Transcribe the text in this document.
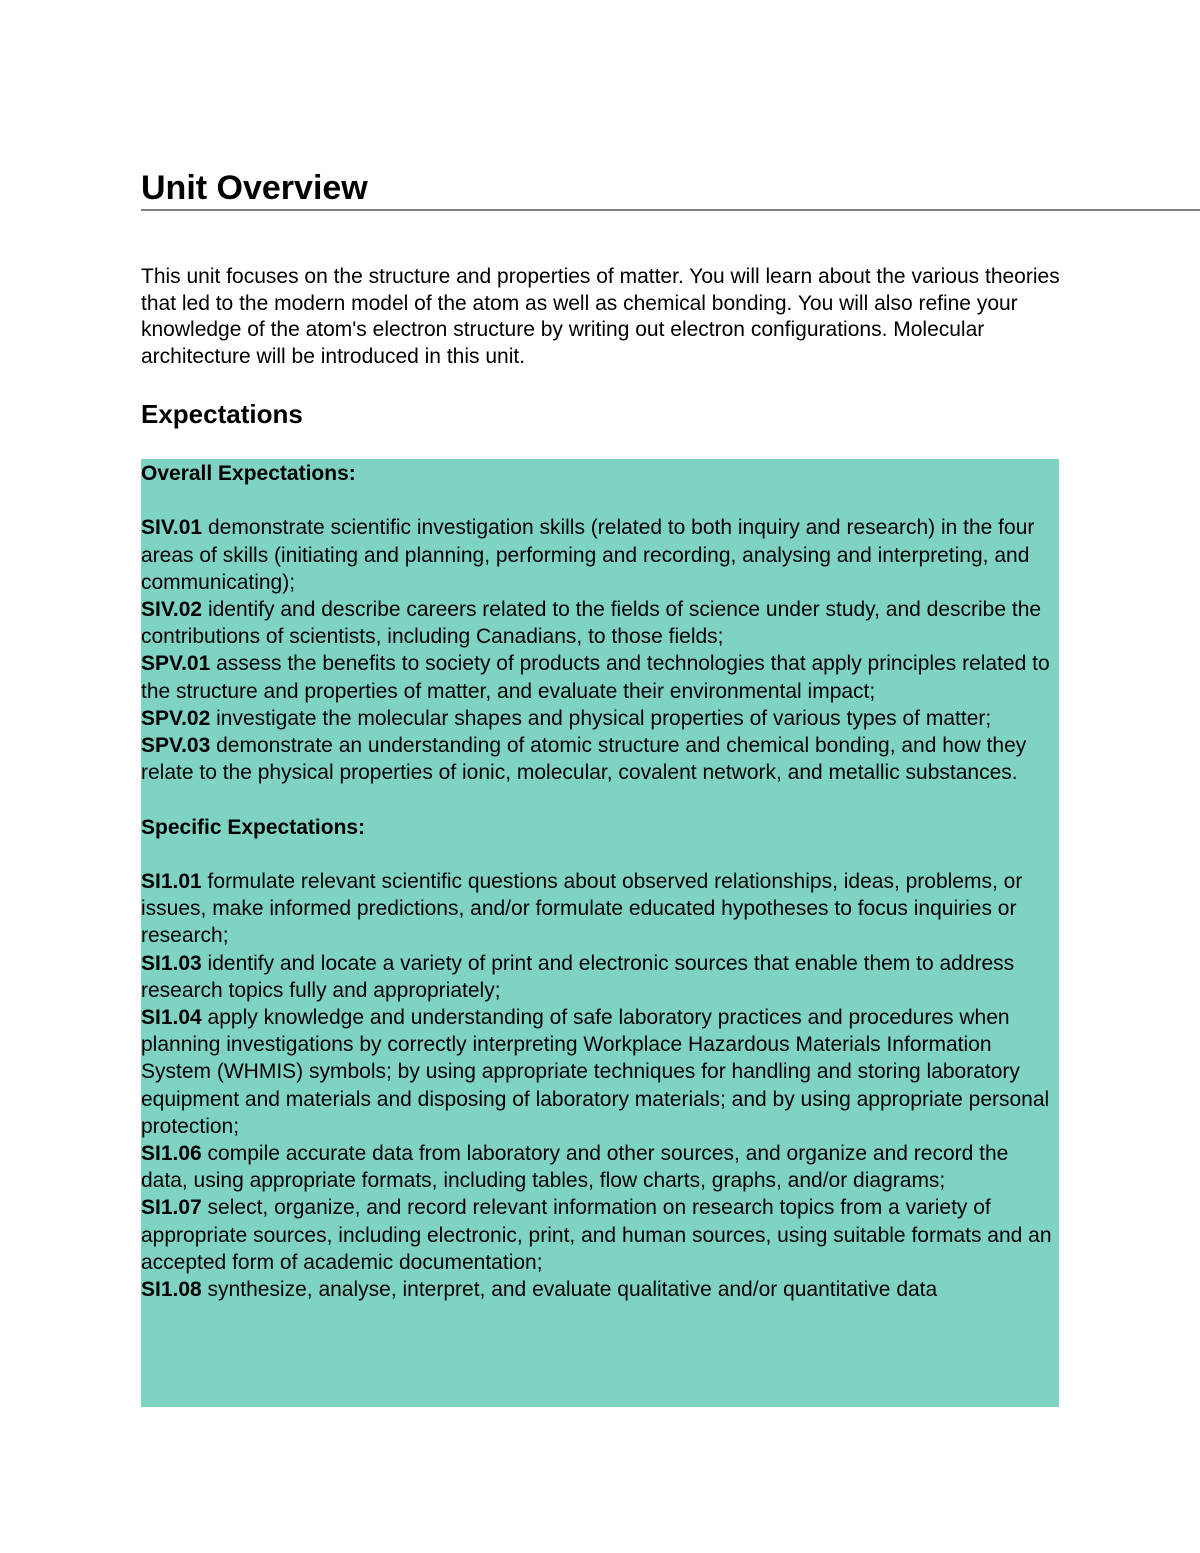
Unit Overview

This unit focuses on the structure and properties of matter. You will learn about the various theories that led to the modern model of the atom as well as chemical bonding. You will also refine your knowledge of the atom's electron structure by writing out electron configurations. Molecular architecture will be introduced in this unit.

Expectations
Overall Expectations:

SIV.01 demonstrate scientific investigation skills (related to both inquiry and research) in the four areas of skills (initiating and planning, performing and recording, analysing and interpreting, and communicating);

SIV.02 identify and describe careers related to the fields of science under study, and describe the contributions of scientists, including Canadians, to those fields;

SPV.01 assess the benefits to society of products and technologies that apply principles related to the structure and properties of matter, and evaluate their environmental impact;

SPV.02 investigate the molecular shapes and physical properties of various types of matter;

SPV.03 demonstrate an understanding of atomic structure and chemical bonding, and how they relate to the physical properties of ionic, molecular, covalent network, and metallic substances.

Specific Expectations:

SI1.01 formulate relevant scientific questions about observed relationships, ideas, problems, or issues, make informed predictions, and/or formulate educated hypotheses to focus inquiries or research;

SI1.03 identify and locate a variety of print and electronic sources that enable them to address research topics fully and appropriately;

SI1.04 apply knowledge and understanding of safe laboratory practices and procedures when planning investigations by correctly interpreting Workplace Hazardous Materials Information System (WHMIS) symbols; by using appropriate techniques for handling and storing laboratory equipment and materials and disposing of laboratory materials; and by using appropriate personal protection;

SI1.06 compile accurate data from laboratory and other sources, and organize and record the data, using appropriate formats, including tables, flow charts, graphs, and/or diagrams;

SI1.07 select, organize, and record relevant information on research topics from a variety of appropriate sources, including electronic, print, and human sources, using suitable formats and an accepted form of academic documentation;

SI1.08 synthesize, analyse, interpret, and evaluate qualitative and/or quantitative data
